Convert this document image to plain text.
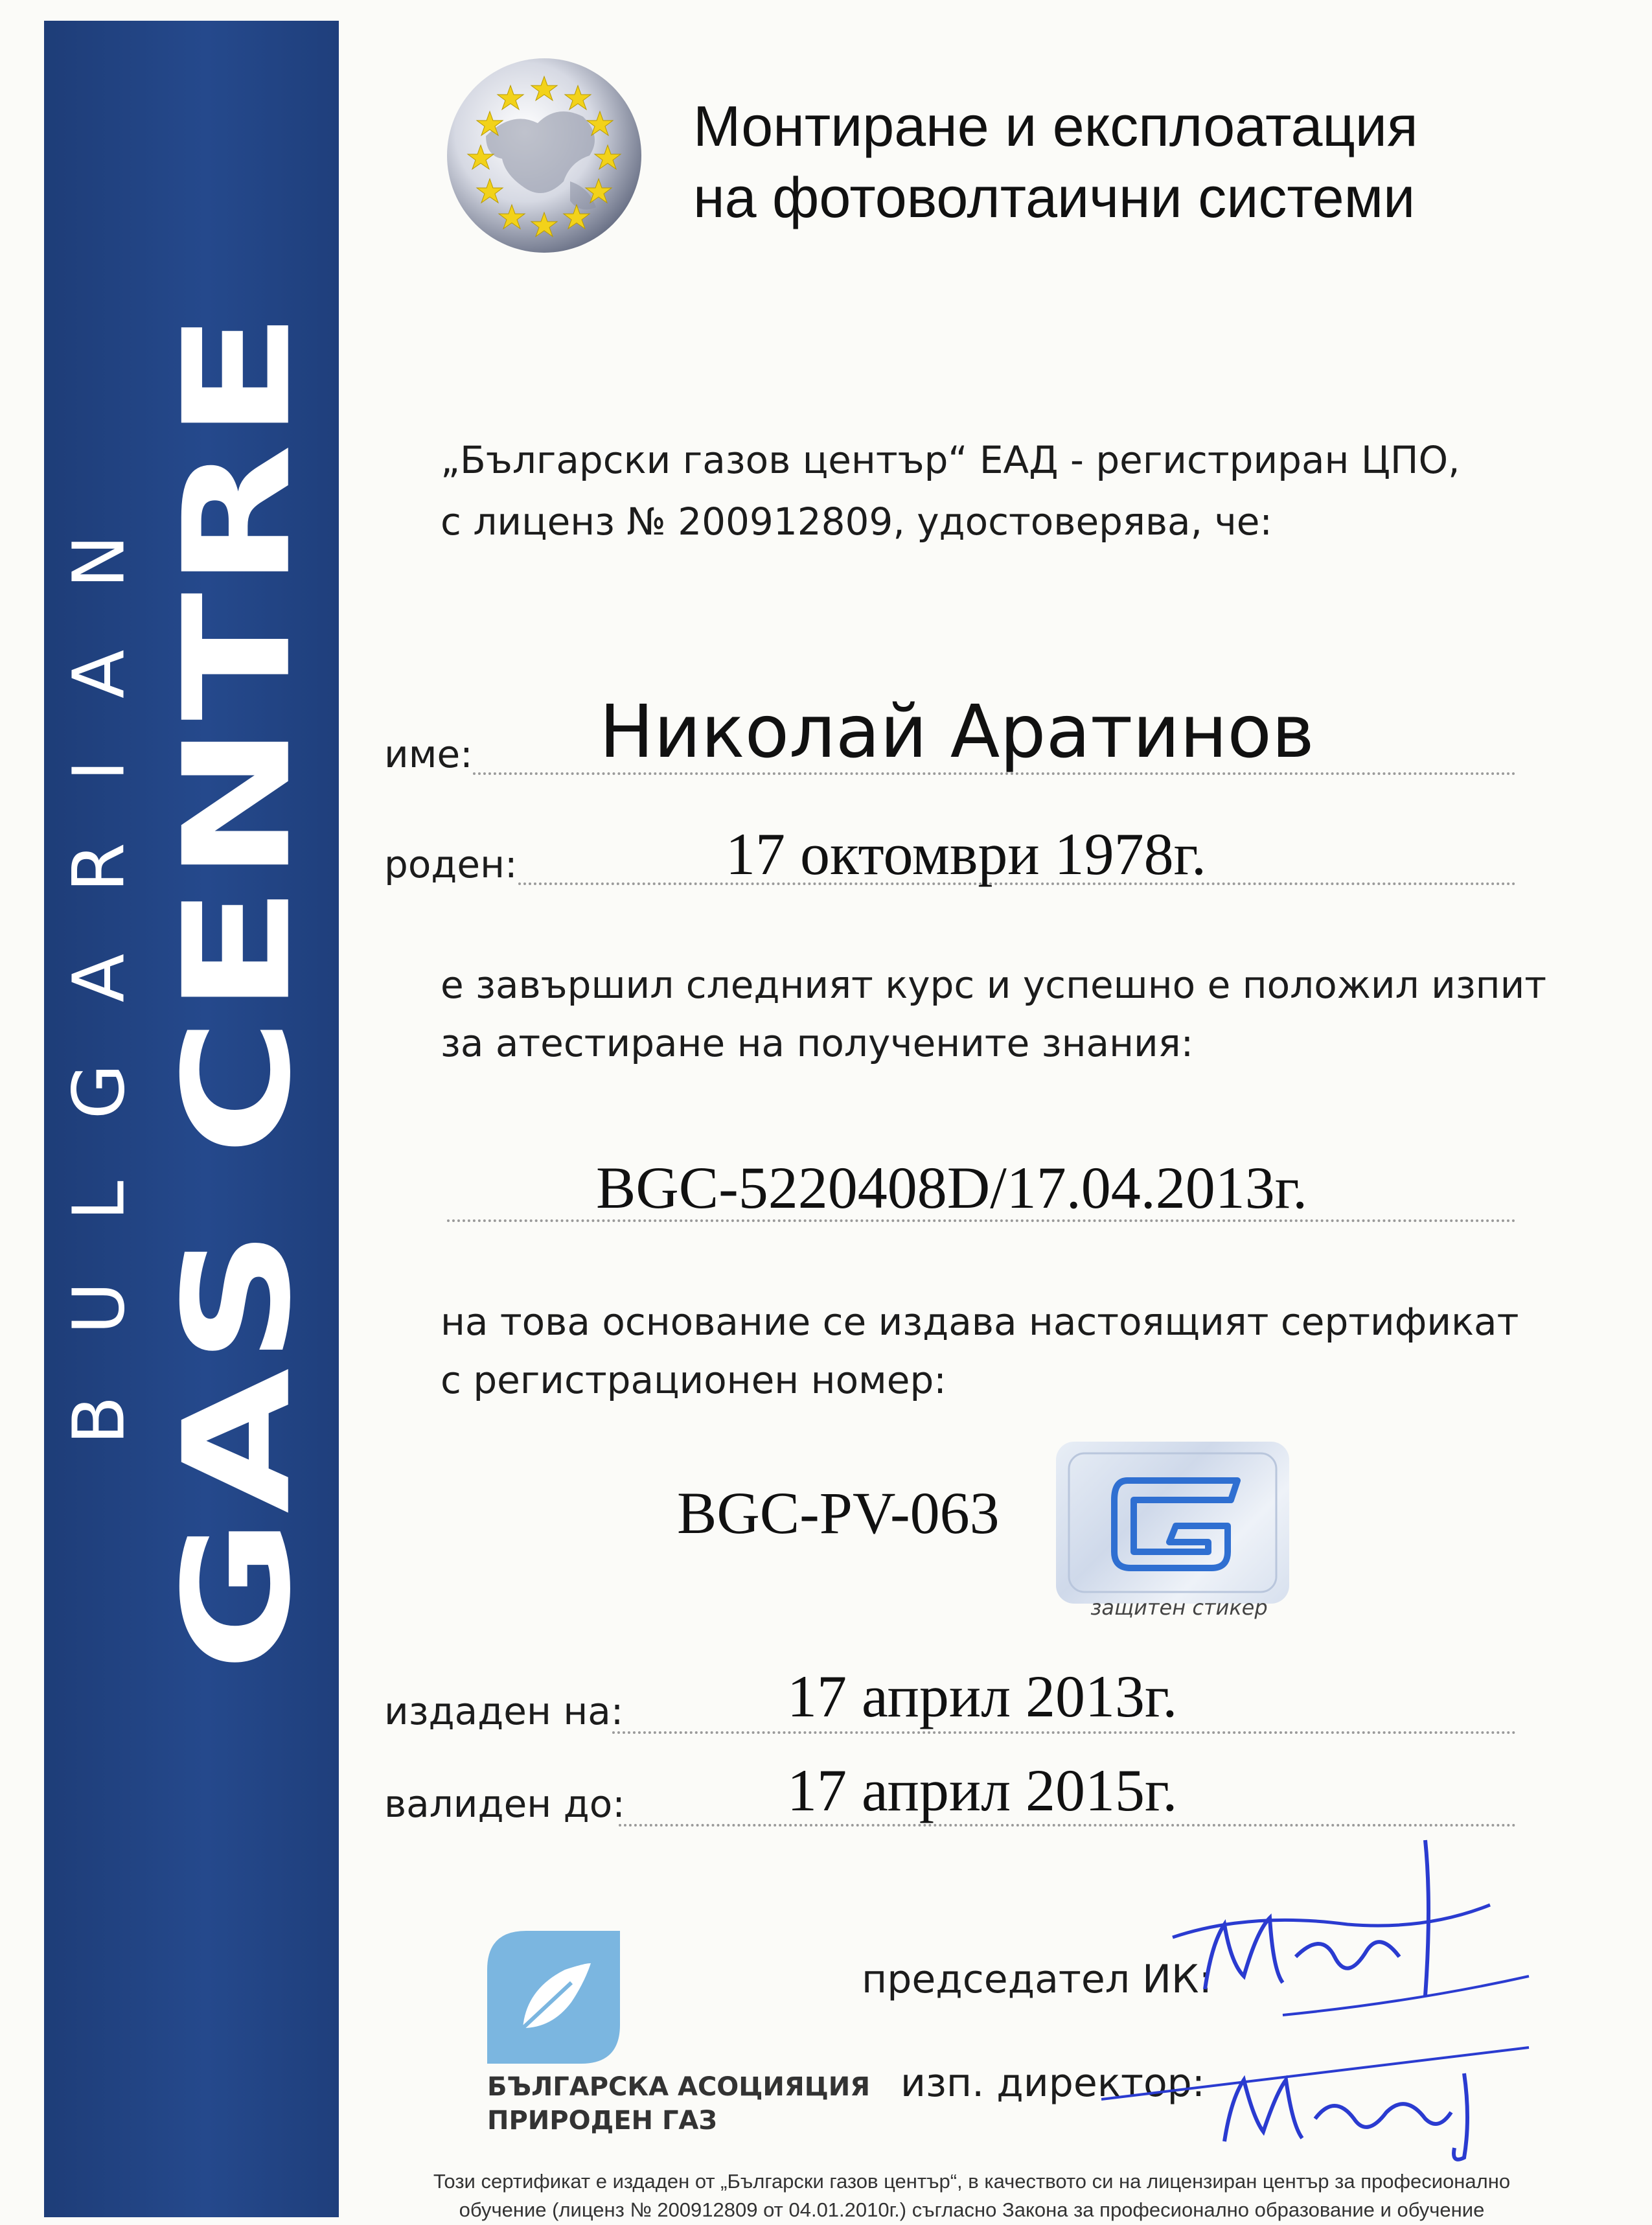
BULGARIAN GAS CENTRE
Монтиране и експлоатация
на фотоволтаични системи
„Български газов център“ ЕАД - регистриран ЦПО,
с лиценз № 200912809, удостоверява, че:
име: Николай Аратинов
роден:	17 октомври 1978г.
е завършил следният курс и успешно е положил изпит
за атестиране на получените знания:
BGC-5220408D/17.04.2013г.
на това основание се издава настоящият сертификат
с регистрационен номер:
BGC-PV-063
защитен стикер
издаден на:	17 април 2013г.
валиден до:	17 април 2015г.
БЪЛГАРСКА АСОЦИЯЦИЯ
ПРИРОДЕН ГАЗ
председател ИК:
изп. директор:
Този сертификат е издаден от „Български газов център“, в качеството си на лицензиран център за професионално
обучение (лиценз № 200912809 от 04.01.2010г.) съгласно Закона за професионално образование и обучение
